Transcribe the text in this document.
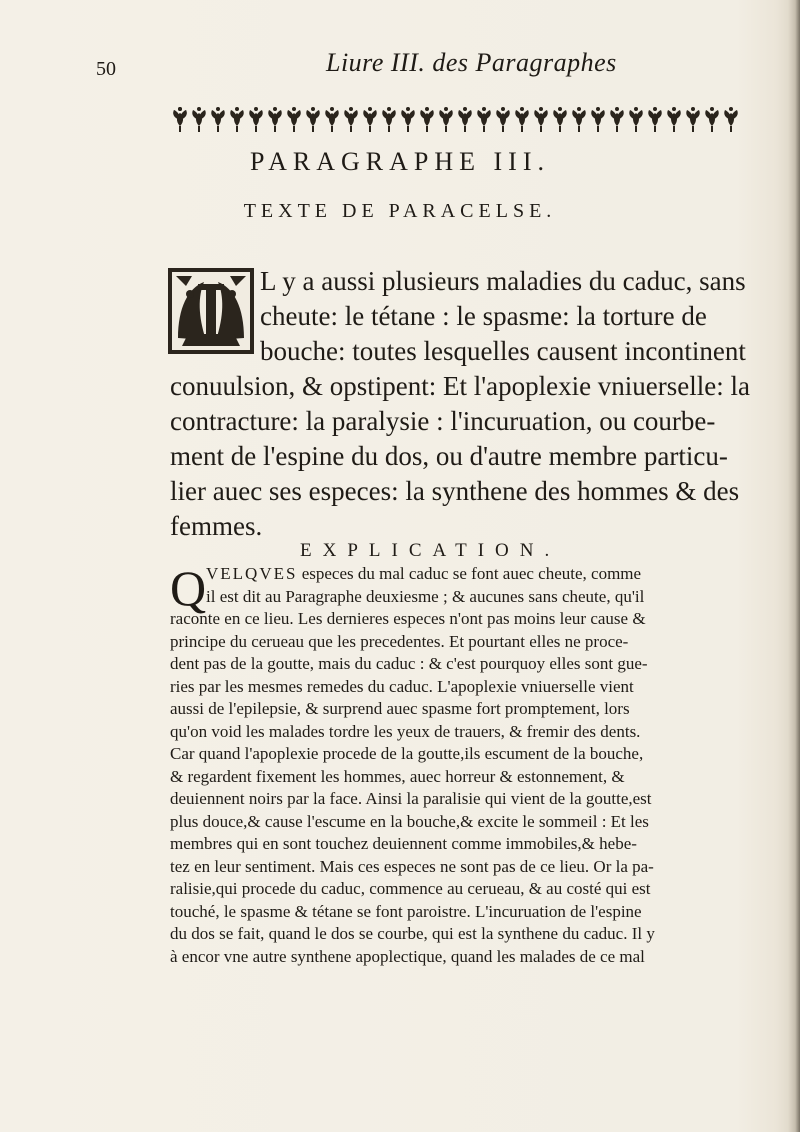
50	Liure III. des Paragraphes
PARAGRAPHE III.
TEXTE DE PARACELSE.
L y a aussi plusieurs maladies du caduc, sans
cheute: le tétane : le spasme: la torture de
bouche: toutes lesquelles causent incontinent
conuulsion, & opstipent: Et l'apoplexie vniuerselle: la
contracture: la paralysie : l'incuruation, ou courbe-
ment de l'espine du dos, ou d'autre membre particu-
lier auec ses especes: la synthene des hommes & des
femmes.
EXPLICATION.
Q VELQVES especes du mal caduc se font auec cheute, comme
il est dit au Paragraphe deuxiesme ; & aucunes sans cheute, qu'il
raconte en ce lieu. Les dernieres especes n'ont pas moins leur cause &
principe du cerueau que les precedentes. Et pourtant elles ne proce-
dent pas de la goutte, mais du caduc : & c'est pourquoy elles sont gue-
ries par les mesmes remedes du caduc. L'apoplexie vniuerselle vient
aussi de l'epilepsie, & surprend auec spasme fort promptement, lors
qu'on void les malades tordre les yeux de trauers, & fremir des dents.
Car quand l'apoplexie procede de la goutte,ils escument de la bouche,
& regardent fixement les hommes, auec horreur & estonnement, &
deuiennent noirs par la face. Ainsi la paralisie qui vient de la goutte,est
plus douce,& cause l'escume en la bouche,& excite le sommeil : Et les
membres qui en sont touchez deuiennent comme immobiles,& hebe-
tez en leur sentiment. Mais ces especes ne sont pas de ce lieu. Or la pa-
ralisie,qui procede du caduc, commence au cerueau, & au costé qui est
touché, le spasme & tétane se font paroistre. L'incuruation de l'espine
du dos se fait, quand le dos se courbe, qui est la synthene du caduc. Il y
à encor vne autre synthene apoplectique, quand les malades de ce mal
